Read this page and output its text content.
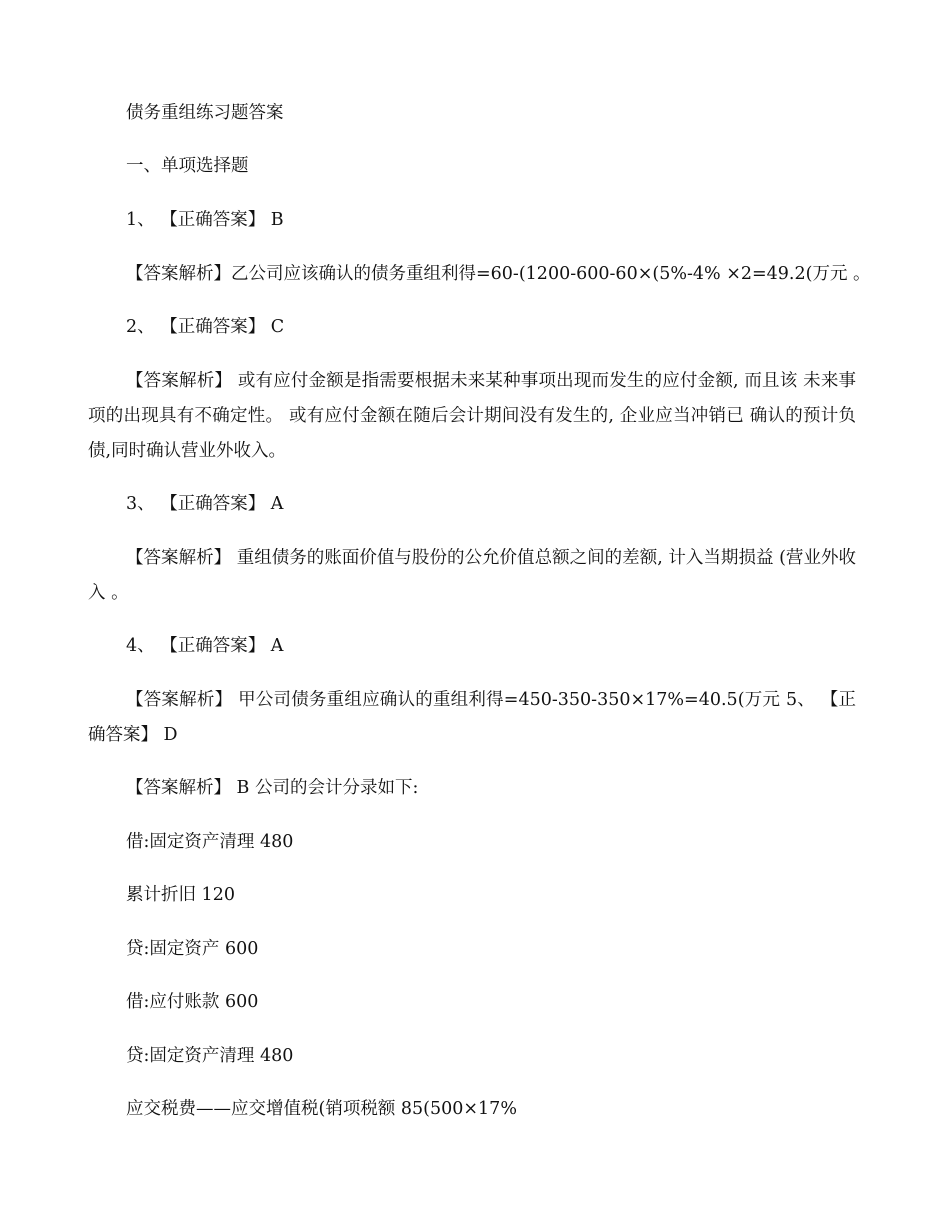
债务重组练习题答案
一、单项选择题
1、 【正确答案】 B
【答案解析】乙公司应该确认的债务重组利得=60-(1200-600-60×(5%-4% ×2=49.2(万元 。
2、 【正确答案】 C
【答案解析】 或有应付金额是指需要根据未来某种事项出现而发生的应付金额, 而且该 未来事项的出现具有不确定性。 或有应付金额在随后会计期间没有发生的, 企业应当冲销已 确认的预计负债,同时确认营业外收入。
3、 【正确答案】 A
【答案解析】 重组债务的账面价值与股份的公允价值总额之间的差额, 计入当期损益 (营业外收入 。
4、 【正确答案】 A
【答案解析】 甲公司债务重组应确认的重组利得=450-350-350×17%=40.5(万元 5、 【正确答案】 D
【答案解析】 B 公司的会计分录如下:
借:固定资产清理 480
累计折旧 120
贷:固定资产 600
借:应付账款 600
贷:固定资产清理 480
应交税费——应交增值税(销项税额 85(500×17%
